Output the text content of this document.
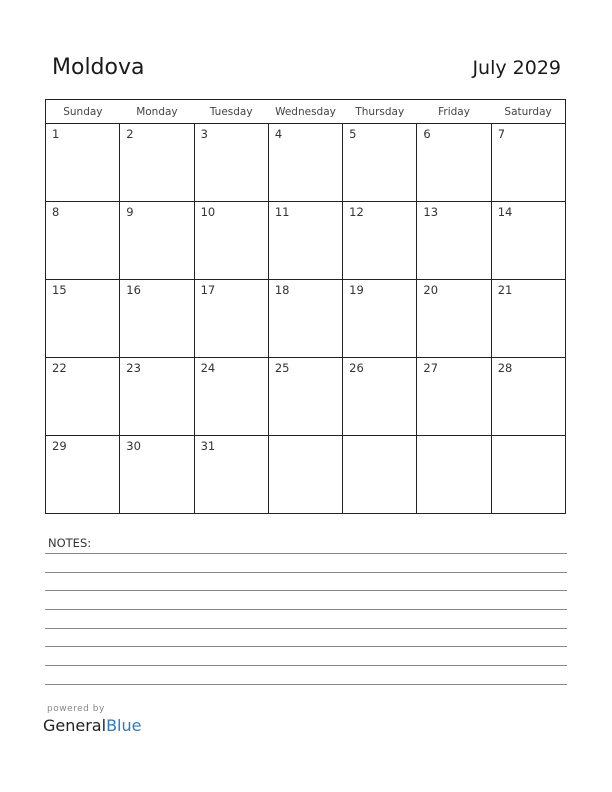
Moldova	July 2029
Sunday	Monday	Tuesday	Wednesday	Thursday	Friday	Saturday

1	2	3	4	5	6	7

8	9	10	11	12	13	14

15	16	17	18	19	20	21

22	23	24	25	26	27	28

29	30	31				

NOTES:
powered by
GeneralBlue
